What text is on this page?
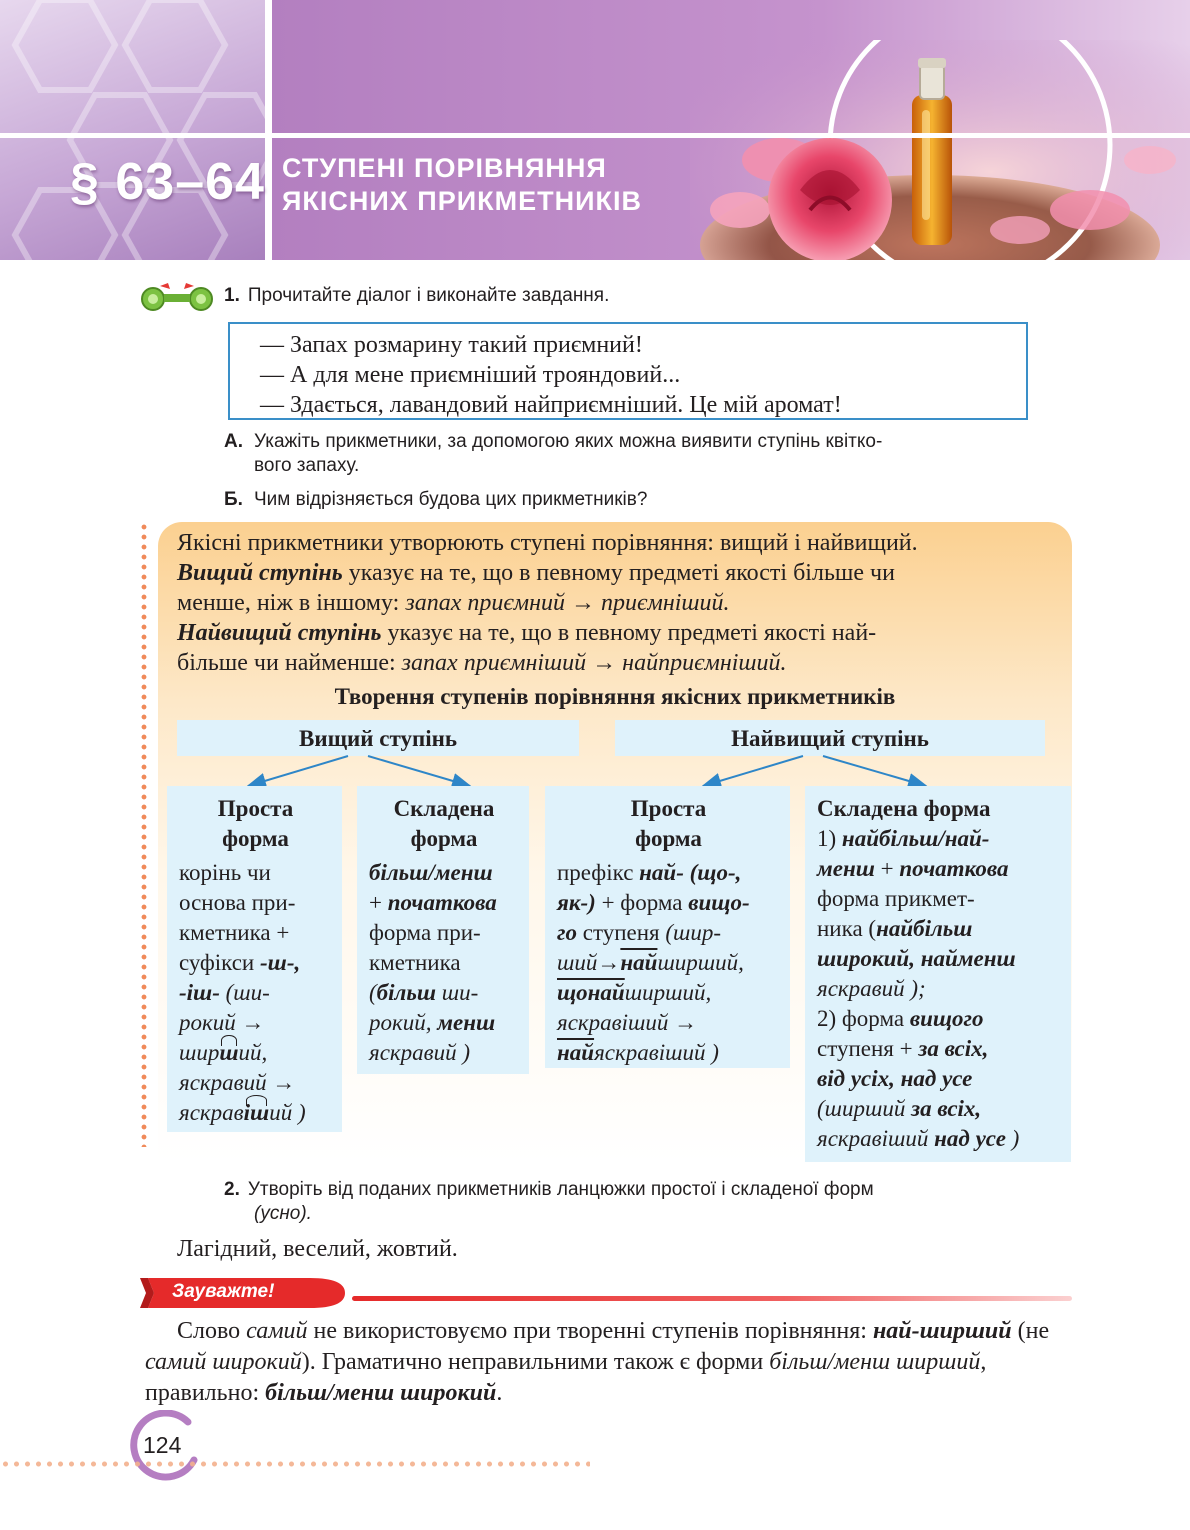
§ 63–64 СТУПЕНІ ПОРІВНЯННЯ
ЯКІСНИХ ПРИКМЕТНИКІВ
1. Прочитайте діалог і виконайте завдання.
— Запах розмарину такий приємний!
— А для мене приємніший трояндовий...
— Здається, лавандовий найприємніший. Це мій аромат!
А. Укажіть прикметники, за допомогою яких можна виявити ступінь квітко-
вого запаху.
Б. Чим відрізняється будова цих прикметників?
Якісні прикметники утворюють ступені порівняння: вищий і найвищий.
Вищий ступінь указує на те, що в певному предметі якості більше чи
менше, ніж в іншому: запах приємний → приємніший.
Найвищий ступінь указує на те, що в певному предметі якості най-
більше чи найменше: запах приємніший → найприємніший.
Творення ступенів порівняння якісних прикметників
Вищий ступінь	Найвищий ступінь
Проста
форма
корінь чи
основа при-
кметника +
суфікси -ш-,
-іш- (ши-
рокий →
ширший,
яскравий →
яскравіший )
Складена
форма
більш/менш
+ початкова
форма при-
кметника
(більш ши-
рокий, менш
яскравий )
Проста
форма
префікс най- (що-,
як-) + форма вищо-
го ступеня (шир-
ший→найширший,
щонайширший,
яскравіший →
найяскравіший )
Складена форма
1) найбільш/най-
менш + початкова
форма прикмет-
ника (найбільш
широкий, найменш
яскравий );
2) форма вищого
ступеня + за всіх,
від усіх, над усе
(ширший за всіх,
яскравіший над усе )
2. Утворіть від поданих прикметників ланцюжки простої і складеної форм
(усно).
Лагідний, веселий, жовтий.
Зауважте!
Слово самий не використовуємо при творенні ступенів порівняння: най-ширший (не самий широкий). Граматично неправильними також є форми більш/менш ширший, правильно: більш/менш широкий.
124
